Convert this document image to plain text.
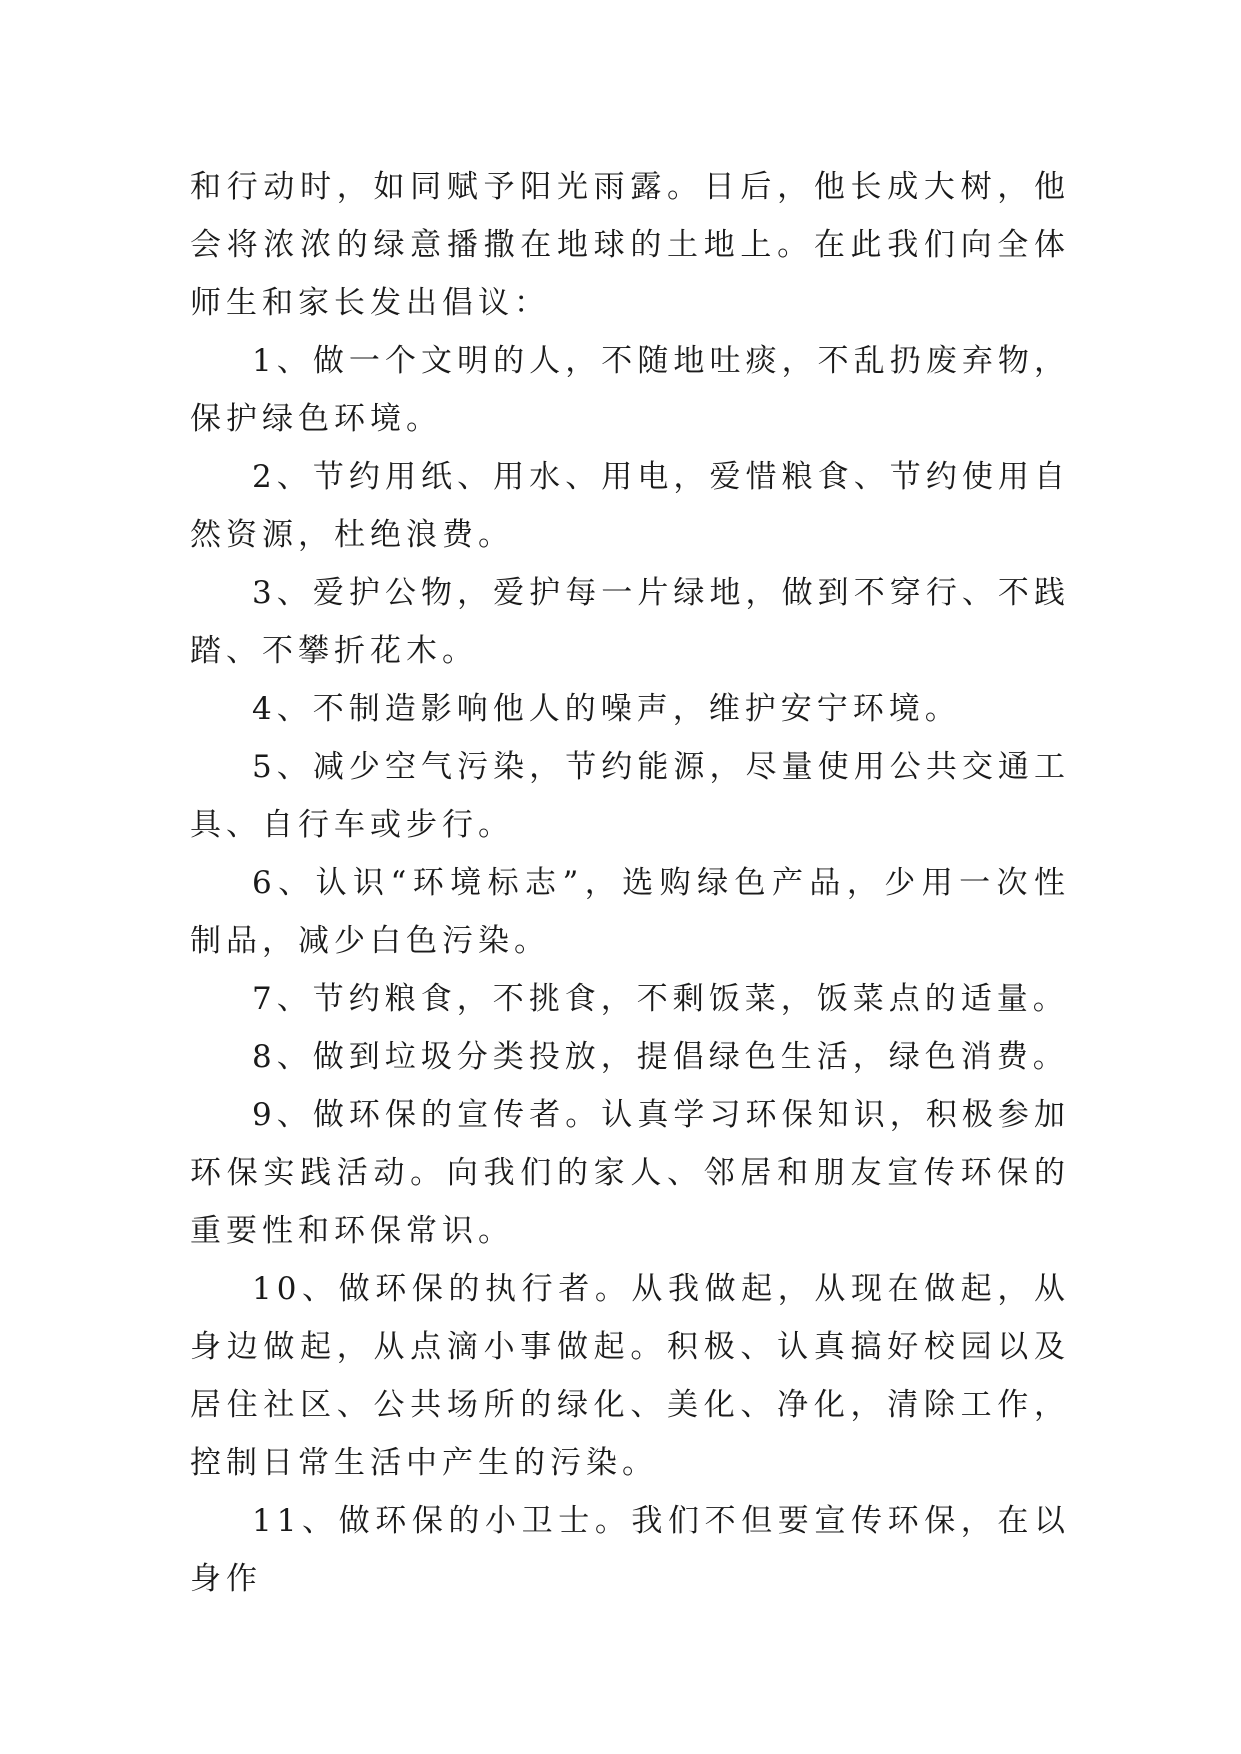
和行动时，如同赋予阳光雨露。日后，他长成大树，他会将浓浓的绿意播撒在地球的土地上。在此我们向全体师生和家长发出倡议：

1、做一个文明的人，不随地吐痰，不乱扔废弃物，保护绿色环境。

2、节约用纸、用水、用电，爱惜粮食、节约使用自然资源，杜绝浪费。

3、爱护公物，爱护每一片绿地，做到不穿行、不践踏、不攀折花木。

4、不制造影响他人的噪声，维护安宁环境。

5、减少空气污染，节约能源，尽量使用公共交通工具、自行车或步行。

6、认识“环境标志”，选购绿色产品，少用一次性制品，减少白色污染。

7、节约粮食，不挑食，不剩饭菜，饭菜点的适量。

8、做到垃圾分类投放，提倡绿色生活，绿色消费。

9、做环保的宣传者。认真学习环保知识，积极参加环保实践活动。向我们的家人、邻居和朋友宣传环保的重要性和环保常识。

10、做环保的执行者。从我做起，从现在做起，从身边做起，从点滴小事做起。积极、认真搞好校园以及居住社区、公共场所的绿化、美化、净化，清除工作，控制日常生活中产生的污染。

11、做环保的小卫士。我们不但要宣传环保，在以身作
